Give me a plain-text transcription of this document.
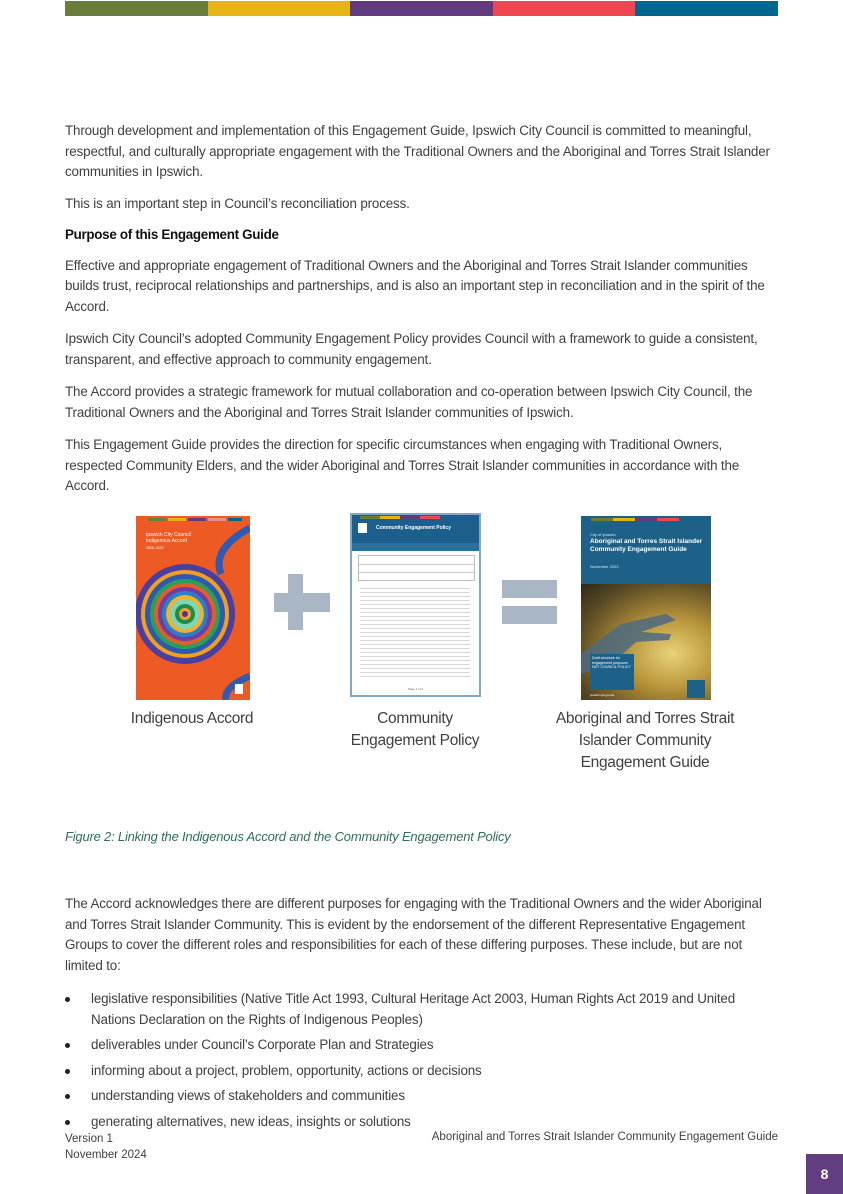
Through development and implementation of this Engagement Guide, Ipswich City Council is committed to meaningful, respectful, and culturally appropriate engagement with the Traditional Owners and the Aboriginal and Torres Strait Islander communities in Ipswich.

This is an important step in Council’s reconciliation process.

Purpose of this Engagement Guide

Effective and appropriate engagement of Traditional Owners and the Aboriginal and Torres Strait Islander communities builds trust, reciprocal relationships and partnerships, and is also an important step in reconciliation and in the spirit of the Accord.

Ipswich City Council’s adopted Community Engagement Policy provides Council with a framework to guide a consistent, transparent, and effective approach to community engagement.

The Accord provides a strategic framework for mutual collaboration and co-operation between Ipswich City Council, the Traditional Owners and the Aboriginal and Torres Strait Islander communities of Ipswich.

This Engagement Guide provides the direction for specific circumstances when engaging with Traditional Owners, respected Community Elders, and the wider Aboriginal and Torres Strait Islander communities in accordance with the Accord.

Ipswich City Council Indigenous Accord
2020–2025
Community Engagement Policy
Page 1 of 2
City of Ipswich
Aboriginal and Torres Strait Islander Community Engagement Guide
November 2023
Draft structure for engagement purposes NOT COUNCIL POLICY
ipswich.qld.gov.au
Indigenous Accord	Community
Engagement Policy
Aboriginal and Torres Strait
Islander Community
Engagement Guide
Figure 2: Linking the Indigenous Accord and the Community Engagement Policy

The Accord acknowledges there are different purposes for engaging with the Traditional Owners and the wider Aboriginal and Torres Strait Islander Community. This is evident by the endorsement of the different Representative Engagement Groups to cover the different roles and responsibilities for each of these differing purposes. These include, but are not limited to:

legislative responsibilities (Native Title Act 1993, Cultural Heritage Act 2003, Human Rights Act 2019 and United Nations Declaration on the Rights of Indigenous Peoples)
deliverables under Council’s Corporate Plan and Strategies
informing about a project, problem, opportunity, actions or decisions
understanding views of stakeholders and communities
generating alternatives, new ideas, insights or solutions
Version 1
November 2024
Aboriginal and Torres Strait Islander Community Engagement Guide
8
